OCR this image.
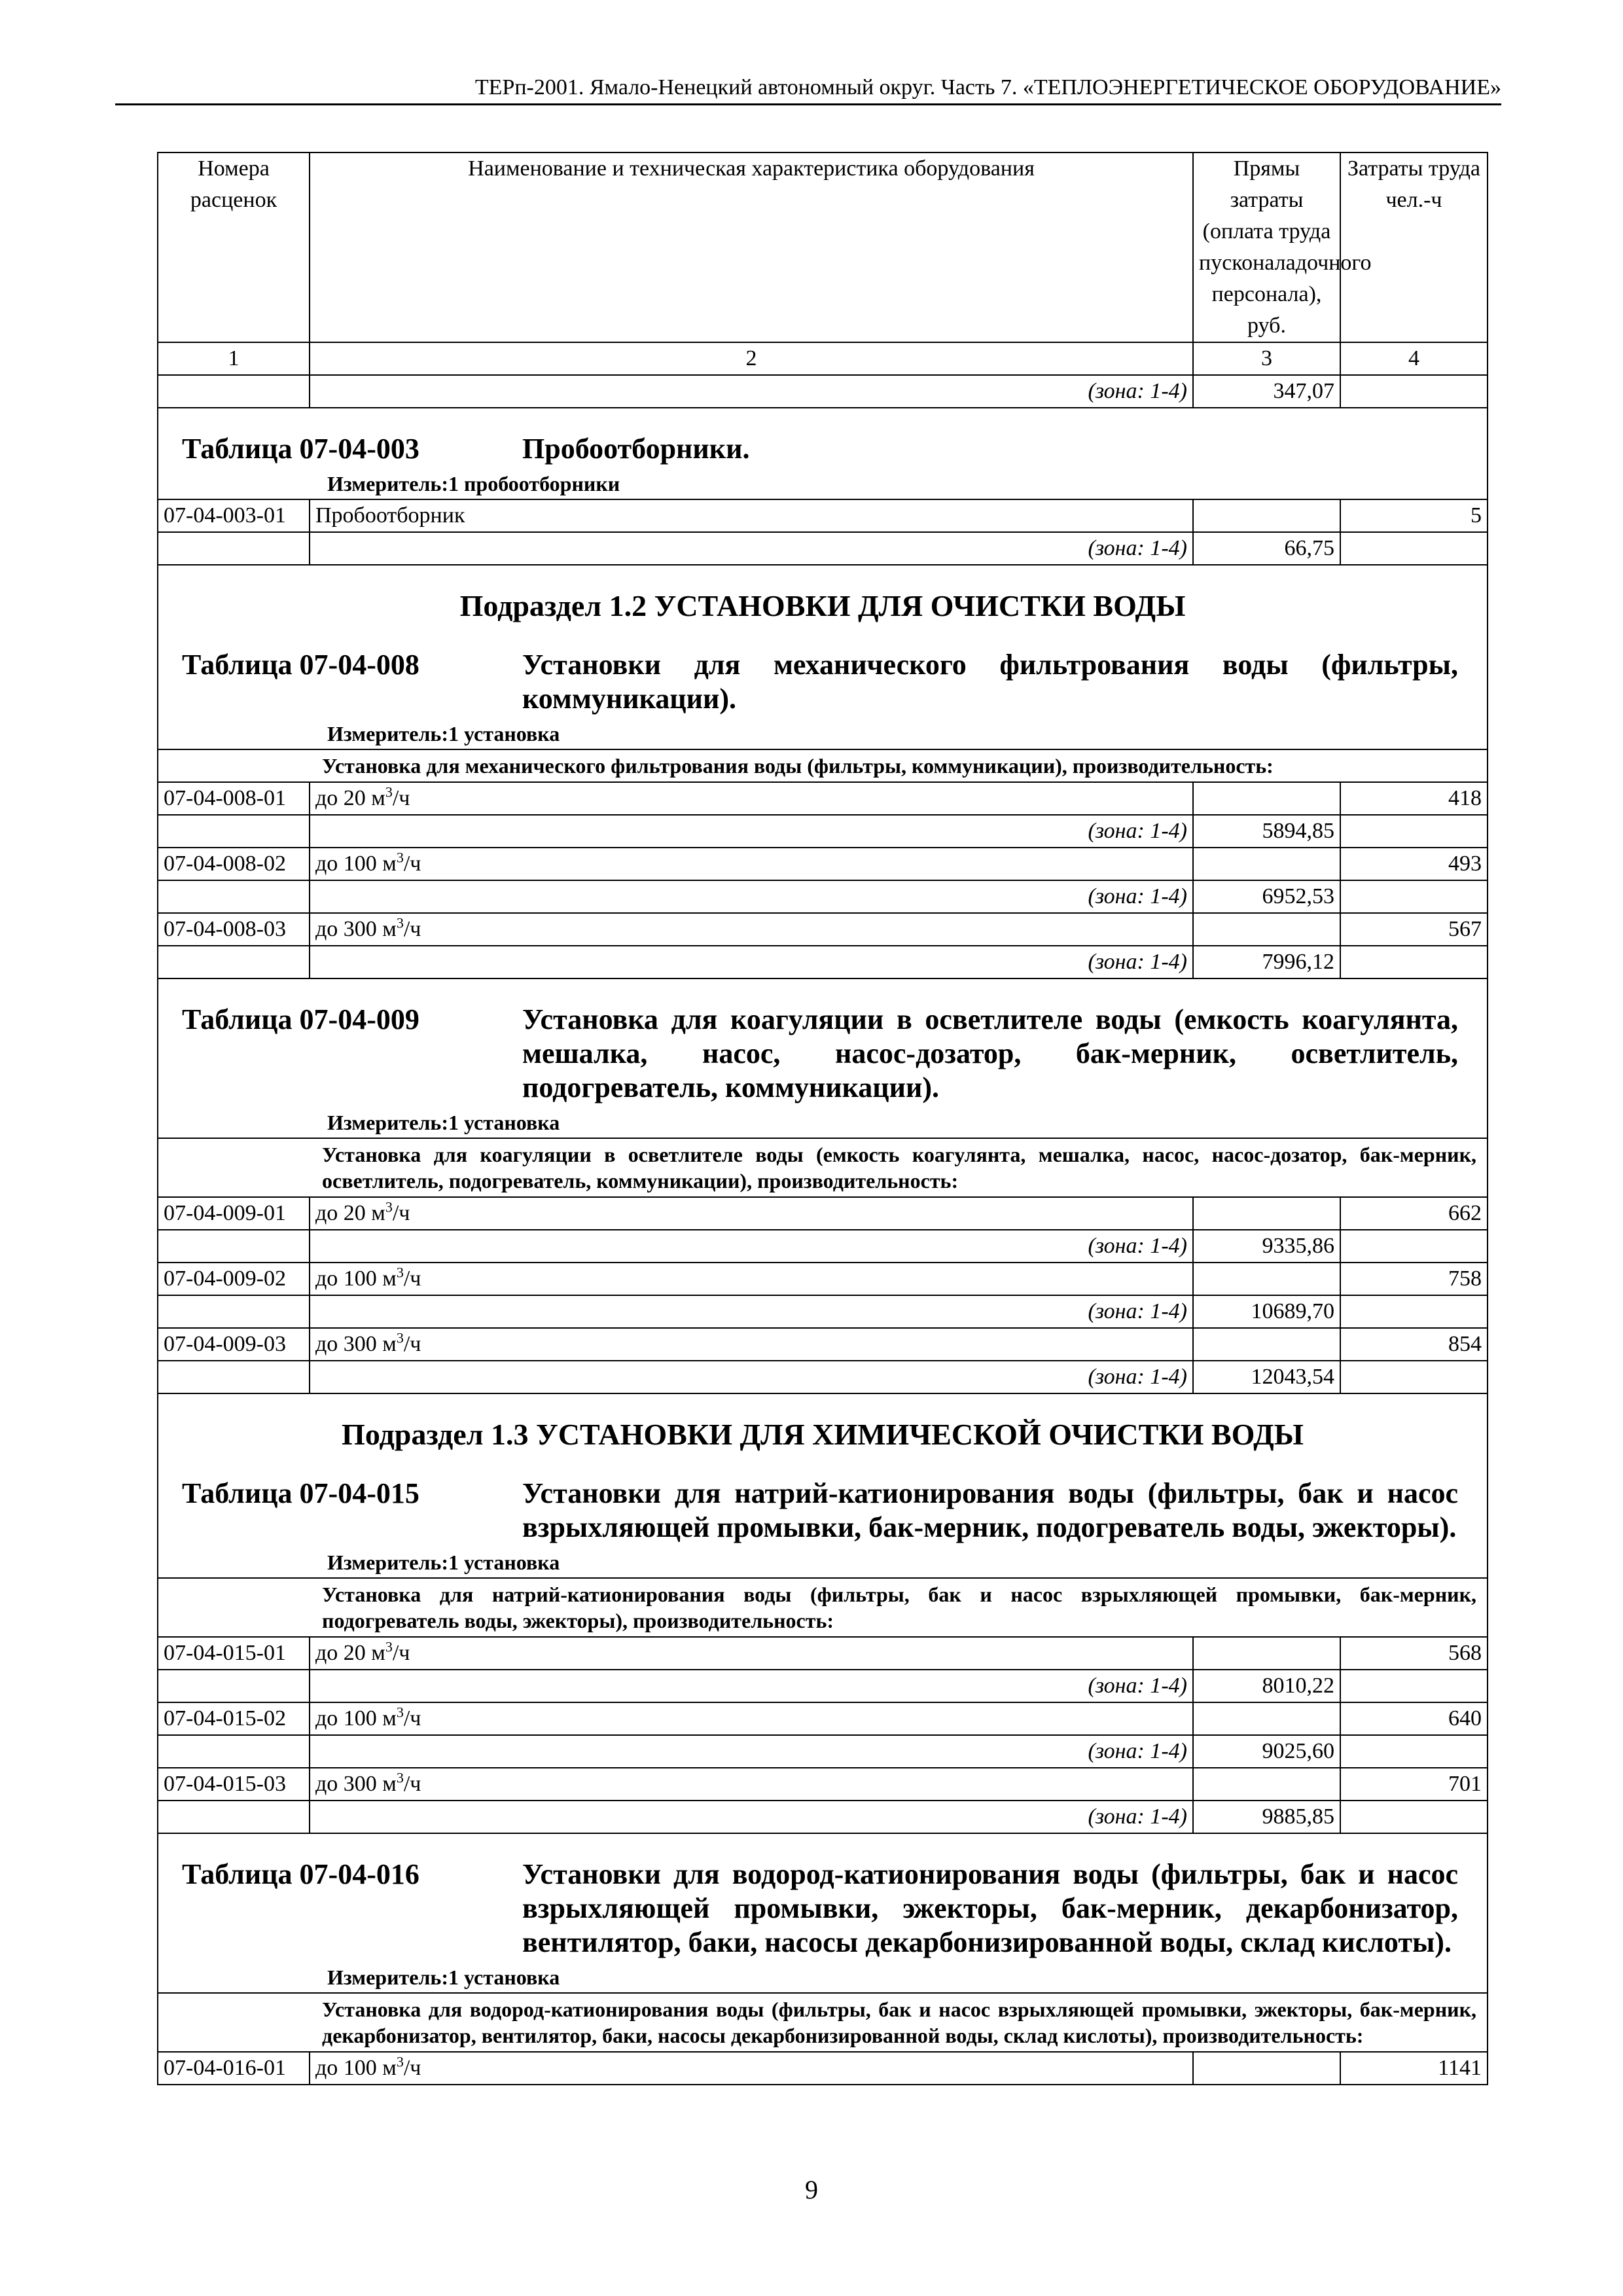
ТЕРп-2001. Ямало-Ненецкий автономный округ. Часть 7. «ТЕПЛОЭНЕРГЕТИЧЕСКОЕ ОБОРУДОВАНИЕ»
Номера расценок	Наименование и техническая характеристика оборудования	Прямы затраты (оплата труда пусконаладочного персонала), руб.	Затраты труда чел.-ч
1	2	3	4
	(зона: 1-4)	347,07	

Таблица 07-04-003 Пробоотборники.
Измеритель:1 пробоотборники			

07-04-003-01	Пробоотборник		5
	(зона: 1-4)	66,75	

Подраздел 1.2 УСТАНОВКИ ДЛЯ ОЧИСТКИ ВОДЫ
Таблица 07-04-008 Установки для механического фильтрования воды (фильтры, коммуникации).
Измеритель:1 установка			

Установка для механического фильтрования воды (фильтры, коммуникации), производительность:			

07-04-008-01	до 20 $м^3/ч$		418
	(зона: 1-4)	5894,85	
07-04-008-02	до 100 $м^3/ч$		493
	(зона: 1-4)	6952,53	
07-04-008-03	до 300 $м^3/ч$		567
	(зона: 1-4)	7996,12	

Таблица 07-04-009 Установка для коагуляции в осветлителе воды (емкость коагулянта, мешалка, насос, насос-дозатор, бак-мерник, осветлитель, подогреватель, коммуникации).
Измеритель:1 установка			

Установка для коагуляции в осветлителе воды (емкость коагулянта, мешалка, насос, насос-дозатор, бак-мерник, осветлитель, подогреватель, коммуникации), производительность:			

07-04-009-01	до 20 $м^3/ч$		662
	(зона: 1-4)	9335,86	
07-04-009-02	до 100 $м^3/ч$		758
	(зона: 1-4)	10689,70	
07-04-009-03	до 300 $м^3/ч$		854
	(зона: 1-4)	12043,54	

Подраздел 1.3 УСТАНОВКИ ДЛЯ ХИМИЧЕСКОЙ ОЧИСТКИ ВОДЫ
Таблица 07-04-015 Установки для натрий-катионирования воды (фильтры, бак и насос взрыхляющей промывки, бак-мерник, подогреватель воды, эжекторы).
Измеритель:1 установка			

Установка для натрий-катионирования воды (фильтры, бак и насос взрыхляющей промывки, бак-мерник, подогреватель воды, эжекторы), производительность:			

07-04-015-01	до 20 $м^3/ч$		568
	(зона: 1-4)	8010,22	
07-04-015-02	до 100 $м^3/ч$		640
	(зона: 1-4)	9025,60	
07-04-015-03	до 300 $м^3/ч$		701
	(зона: 1-4)	9885,85	

Таблица 07-04-016 Установки для водород-катионирования воды (фильтры, бак и насос взрыхляющей промывки, эжекторы, бак-мерник, декарбонизатор, вентилятор, баки, насосы декарбонизированной воды, склад кислоты).
Измеритель:1 установка			

Установка для водород-катионирования воды (фильтры, бак и насос взрыхляющей промывки, эжекторы, бак-мерник, декарбонизатор, вентилятор, баки, насосы декарбонизированной воды, склад кислоты), производительность:			

07-04-016-01	до 100 $м^3/ч$		1141
9
